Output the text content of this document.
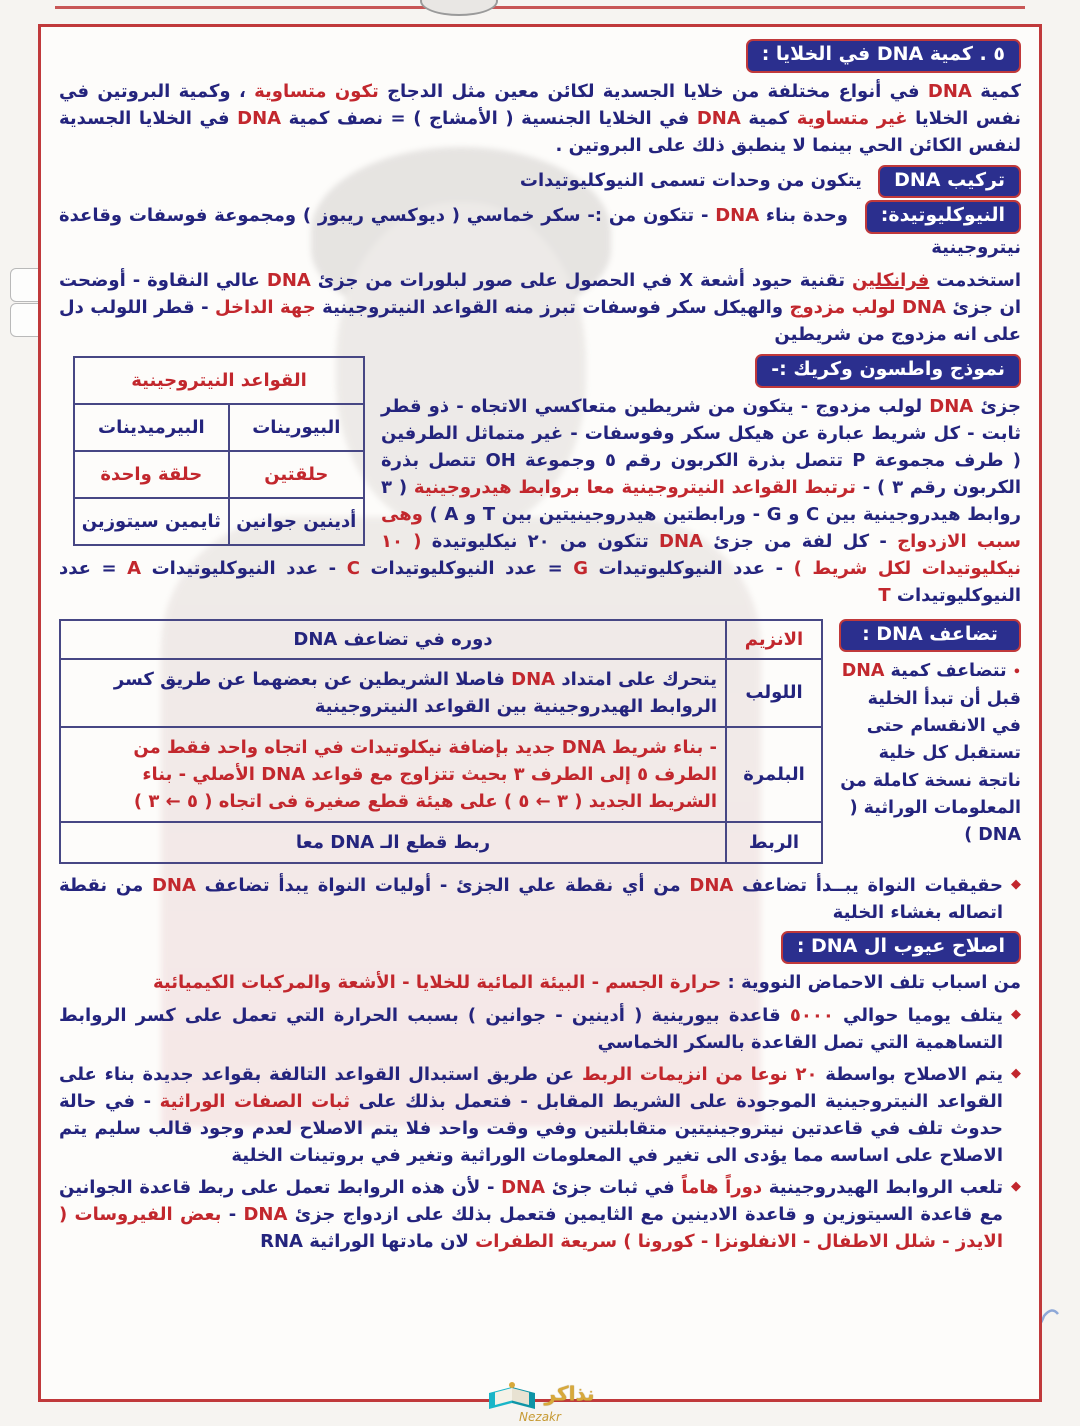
٥ . كمية DNA في الخلايا :

كمية DNA في أنواع مختلفة من خلايا الجسدية لكائن معين مثل الدجاج تكون متساوية ، وكمية البروتين في نفس الخلايا غير متساوية كمية DNA في الخلايا الجنسية ( الأمشاج ) = نصف كمية DNA في الخلايا الجسدية لنفس الكائن الحي بينما لا ينطبق ذلك على البروتين .

تركيب DNA يتكون من وحدات تسمى النيوكليوتيدات

النيوكليوتيدة: وحدة بناء DNA - تتكون من :- سكر خماسي ( ديوكسي ريبوز ) ومجموعة فوسفات وقاعدة نيتروجينية

استخدمت فرانكلين تقنية حيود أشعة X في الحصول على صور لبلورات من جزئ DNA عالي النقاوة - أوضحت ان جزئ DNA لولب مزدوج والهيكل سكر فوسفات تبرز منه القواعد النيتروجينية جهة الداخل - قطر اللولب دل على انه مزدوج من شريطين

القواعد النيتروجينية	
البيورينات	البيرميدينات
حلقتين	حلقة واحدة
أدينين جوانين	ثايمين سيتوزين
نموذج واطسون وكريك :-

جزئ DNA لولب مزدوج - يتكون من شريطين متعاكسي الاتجاه - ذو قطر ثابت - كل شريط عبارة عن هيكل سكر وفوسفات - غير متماثل الطرفين ( طرف مجموعة P تتصل بذرة الكربون رقم ٥ وجموعة OH تتصل بذرة الكربون رقم ٣ ) - ترتبط القواعد النيتروجينية معا بروابط هيدروجينية ( ٣ روابط هيدروجينية بين C و G - ورابطتين هيدروجينيتين بين T و A ) وهى سبب الازدواج - كل لفة من جزئ DNA تتكون من ٢٠ نيكليوتيدة ( ١٠ نيكليوتيدات لكل شريط ) - عدد النيوكليوتيدات G = عدد النيوكليوتيدات C - عدد النيوكليوتيدات A = عدد النيوكليوتيدات T

تضاعف DNA :
• تتضاعف كمية DNA قبل أن تبدأ الخلية في الانقسام حتى تستقبل كل خلية ناتجة نسخة كاملة من المعلومات الوراثية ( DNA )
الانزيم	دوره في تضاعف DNA
اللولب	يتحرك على امتداد DNA فاصلا الشريطين عن بعضهما عن طريق كسر الروابط الهيدروجينية بين القواعد النيتروجينية
البلمرة	- بناء شريط DNA جديد بإضافة نيكلوتيدات في اتجاه واحد فقط من الطرف ٥ إلى الطرف ٣ بحيث تتزاوج مع قواعد DNA الأصلي - بناء الشريط الجديد ( ٣ ← ٥ ) على هيئة قطع صغيرة فى اتجاه ( ٥ ← ٣ )
الربط	ربط قطع الـ DNA معا
◆
حقيقيات النواة يبــدأ تضاعف DNA من أي نقطة علي الجزئ - أوليات النواة يبدأ تضاعف DNA من نقطة اتصاله بغشاء الخلية
اصلاح عيوب ال DNA :

من اسباب تلف الاحماض النووية : حرارة الجسم - البيئة المائية للخلايا - الأشعة والمركبات الكيميائية

◆
يتلف يوميا حوالي ٥٠٠٠ قاعدة بيورينية ( أدينين - جوانين ) بسبب الحرارة التي تعمل على كسر الروابط التساهمية التي تصل القاعدة بالسكر الخماسي
◆
يتم الاصلاح بواسطة ٢٠ نوعا من انزيمات الربط عن طريق استبدال القواعد التالفة بقواعد جديدة بناء على القواعد النيتروجينية الموجودة على الشريط المقابل - فتعمل بذلك على ثبات الصفات الوراثية - في حالة حدوث تلف في قاعدتين نيتروجينيتين متقابلتين وفي وقت واحد فلا يتم الاصلاح لعدم وجود قالب سليم يتم الاصلاح على اساسه مما يؤدى الى تغير في المعلومات الوراثية وتغير في بروتينات الخلية
◆
تلعب الروابط الهيدروجينية دوراً هاماً في ثبات جزئ DNA - لأن هذه الروابط تعمل على ربط قاعدة الجوانين مع قاعدة السيتوزين و قاعدة الادينين مع الثايمين فتعمل بذلك على ازدواج جزئ DNA - بعض الفيروسات ( الايدز - شلل الاطفال - الانفلونزا - كورونا ) سريعة الطفرات لان مادتها الوراثية RNA
نذاكر
Nezakr
